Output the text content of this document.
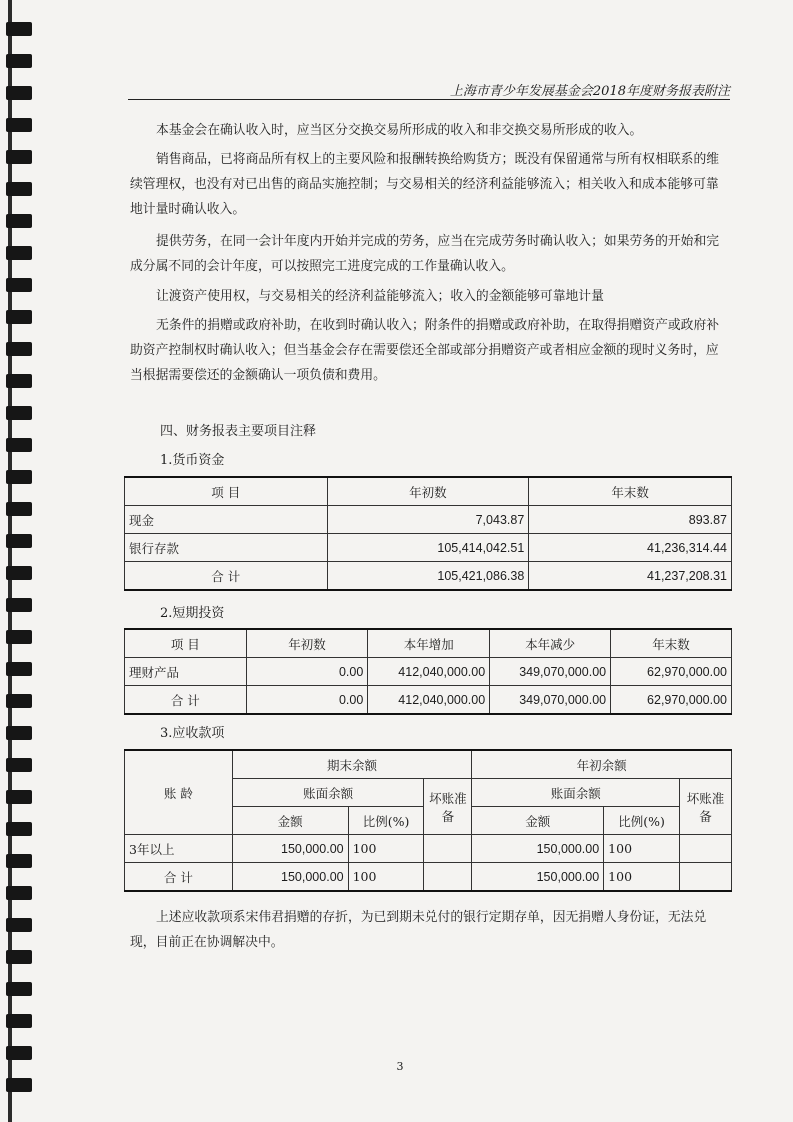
上海市青少年发展基金会2018年度财务报表附注

本基金会在确认收入时，应当区分交换交易所形成的收入和非交换交易所形成的收入。

销售商品，已将商品所有权上的主要风险和报酬转换给购货方；既没有保留通常与所有权相联系的维续管理权，也没有对已出售的商品实施控制；与交易相关的经济利益能够流入；相关收入和成本能够可靠地计量时确认收入。

提供劳务，在同一会计年度内开始并完成的劳务，应当在完成劳务时确认收入；如果劳务的开始和完成分属不同的会计年度，可以按照完工进度完成的工作量确认收入。

让渡资产使用权，与交易相关的经济利益能够流入；收入的金额能够可靠地计量

无条件的捐赠或政府补助，在收到时确认收入；附条件的捐赠或政府补助，在取得捐赠资产或政府补助资产控制权时确认收入；但当基金会存在需要偿还全部或部分捐赠资产或者相应金额的现时义务时，应当根据需要偿还的金额确认一项负债和费用。

四、财务报表主要项目注释
1.货币资金
项 目	年初数	年末数
现金	7,043.87	893.87
银行存款	105,414,042.51	41,236,314.44
合 计	105,421,086.38	41,237,208.31
2.短期投资
项 目	年初数	本年增加	本年减少	年末数
理财产品	0.00	412,040,000.00	349,070,000.00	62,970,000.00
合 计	0.00	412,040,000.00	349,070,000.00	62,970,000.00
3.应收款项
账 龄	期末余额			年初余额		
	账面余额		坏账准备	账面余额		坏账准备
	金额	比例(%)		金额	比例(%)	
3年以上	150,000.00	100		150,000.00	100	
合 计	150,000.00	100		150,000.00	100	

上述应收款项系宋伟君捐赠的存折，为已到期未兑付的银行定期存单，因无捐赠人身份证，无法兑现，目前正在协调解决中。

3
